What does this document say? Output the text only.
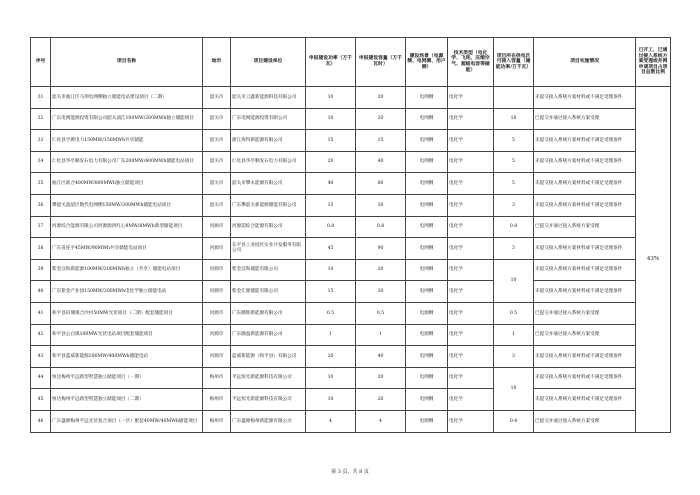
序号	项目名称	地市	项目建设单位	申报建设功率（万千瓦）	申报建设容量（万千瓦时）	建设场景（电源侧、电网侧、用户侧）	技术类型（电化学、飞轮、压缩空气、超级电容等储能）	项目所在供电区可接入容量（储能功率/万千瓦）	项目实施情况	已开工、已通过接入系统方案受理或并网申请项目占项目总数比例
31	韶关市曲江区马坝电网侧独立储能电站建设项目（二期）	韶关市	韶关市云鑫新能源科技有限公司	10	20	电网侧	电化学		未提交接入系统方案材料或不满足受理条件	43%
32	广东电网能源投资有限公司韶关浈江100MW/200MWh独立储能项目	韶关市	广东电网能源投资有限公司	10	20	电网侧	电化学	10	已提交并通过接入系统方案受理	
33	仁化县亨源电力150MW/150MWh共享储能	韶关市	浙江海得新能源有限公司	15	15	电网侧	电化学	5	未提交接入系统方案材料或不满足受理条件	
34	仁化县华亭顺发石电力有限公司广东200MW/400MWh储能电站项目	韶关市	仁化县华亭顺发石电力有限公司	20	40	电网侧	电化学	5	未提交接入系统方案材料或不满足受理条件	
35	曲江区联合400MW/800MWh独立储能项目	韶关市	韶关市攀永能源有限公司	40	80	电网侧	电化学	5	未提交接入系统方案材料或不满足受理条件	
36	攀韶关盈韶区数代电网侧150MW/300MWh储能电站项目	韶关市	广东攀韶关新能源储能有限公司	15	30	电网侧	电化学	3	未提交接入系统方案材料或不满足受理条件	
37	河源综合能源有限公司河源源西红心8MW/8MWh新型储能项目	河源市	河源超综合能源有限公司	0.8	0.8	电网侧	电化学	0.8	已提交并通过接入系统方案受理	
38	广东省连平45MW/90MWh共享储能电站项目	河源市	东平县工业园区实业开发服务有限公司	45	90	电网侧	电化学	3	未提交接入系统方案材料或不满足受理条件	
39	紫金汉和新能源100MW/200MWh独立（共享）储能电站项目	河源市	紫金汉和储能有限公司	10	20	电网侧	电化学	10	未提交接入系统方案材料或不满足受理条件	
40	广东紫金产业园150MW/300MWh电化学独立储能电站	河源市	紫金汇源储能有限公司	15	30	电网侧	电化学		未提交接入系统方案材料或不满足受理条件	
41	和平县旧城镇合沙村50MW光伏项目（二期）配套储能项目	河源市	广东腾辉新能源有限公司	0.5	0.5	电源侧	电化学	0.5	已提交并通过接入系统方案受理	
42	和平县公白镇100MW光伏电站项目配套储能项目	河源市	广东腾盈新能源有限公司	1	1	电源侧	电化学	1	已提交并通过接入系统方案受理	
43	和平县蓝威新能源200MW/400MWh储能电站	河源市	蓝威新能源（和平县）有限公司	20	40	电网侧	电化学	3	未提交接入系统方案材料或不满足受理条件	
44	恒达梅州平远新型智慧独立储能项目（一期）	梅州市	平远恒光新能源科技有限公司	10	20	电网侧	电化学	10	未提交接入系统方案材料或不满足受理条件	
45	恒达梅州平远新型智慧独立储能项目（二期）	梅州市	平远恒光新能源科技有限公司	10	20	电网侧	电化学		未提交接入系统方案材料或不满足受理条件	
46	广东盛源梅州平远光伏复合项目（一区）配套40MW/40MWh储能项目	梅州市	广东盛源梅州新能源有限公司	4	4	电源侧	电化学	0.4	已提交并通过接入系统方案受理	
第 3 页，共 8 页
